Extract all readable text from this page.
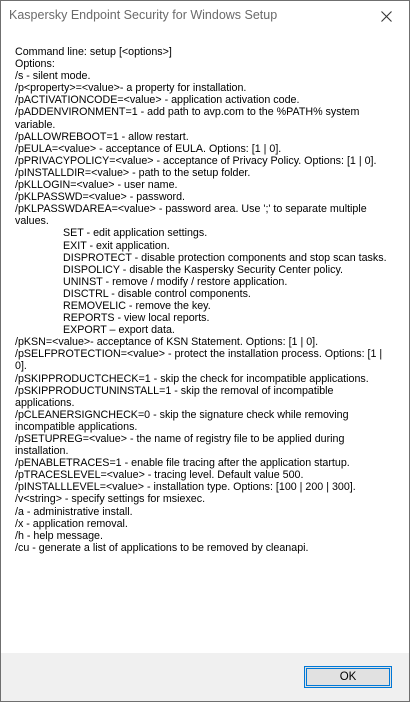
Kaspersky Endpoint Security for Windows Setup

Command line: setup [<options>]

Options:

/s - silent mode.

/p<property>=<value>- a property for installation.

/pACTIVATIONCODE=<value> - application activation code.

/pADDENVIRONMENT=1 - add path to avp.com to the %PATH% system variable.

/pALLOWREBOOT=1 - allow restart.

/pEULA=<value> - acceptance of EULA. Options: [1 | 0].

/pPRIVACYPOLICY=<value> - acceptance of Privacy Policy. Options: [1 | 0].

/pINSTALLDIR=<value> - path to the setup folder.

/pKLLOGIN=<value> - user name.

/pKLPASSWD=<value> - password.

/pKLPASSWDAREA=<value> - password area. Use ';' to separate multiple values.

SET - edit application settings.

EXIT - exit application.

DISPROTECT - disable protection components and stop scan tasks.

DISPOLICY - disable the Kaspersky Security Center policy.

UNINST - remove / modify / restore application.

DISCTRL - disable control components.

REMOVELIC - remove the key.

REPORTS - view local reports.

EXPORT – export data.

/pKSN=<value>- acceptance of KSN Statement. Options: [1 | 0].

/pSELFPROTECTION=<value> - protect the installation process. Options: [1 | 0].

/pSKIPPRODUCTCHECK=1 - skip the check for incompatible applications.

/pSKIPPRODUCTUNINSTALL=1 - skip the removal of incompatible applications.

/pCLEANERSIGNCHECK=0 - skip the signature check while removing incompatible applications.

/pSETUPREG=<value> - the name of registry file to be applied during installation.

/pENABLETRACES=1 - enable file tracing after the application startup.

/pTRACESLEVEL=<value> - tracing level. Default value 500.

/pINSTALLLEVEL=<value> - installation type. Options: [100 | 200 | 300].

/v<string> - specify settings for msiexec.

/a - administrative install.

/x - application removal.

/h - help message.

/cu - generate a list of applications to be removed by cleanapi.

OK
